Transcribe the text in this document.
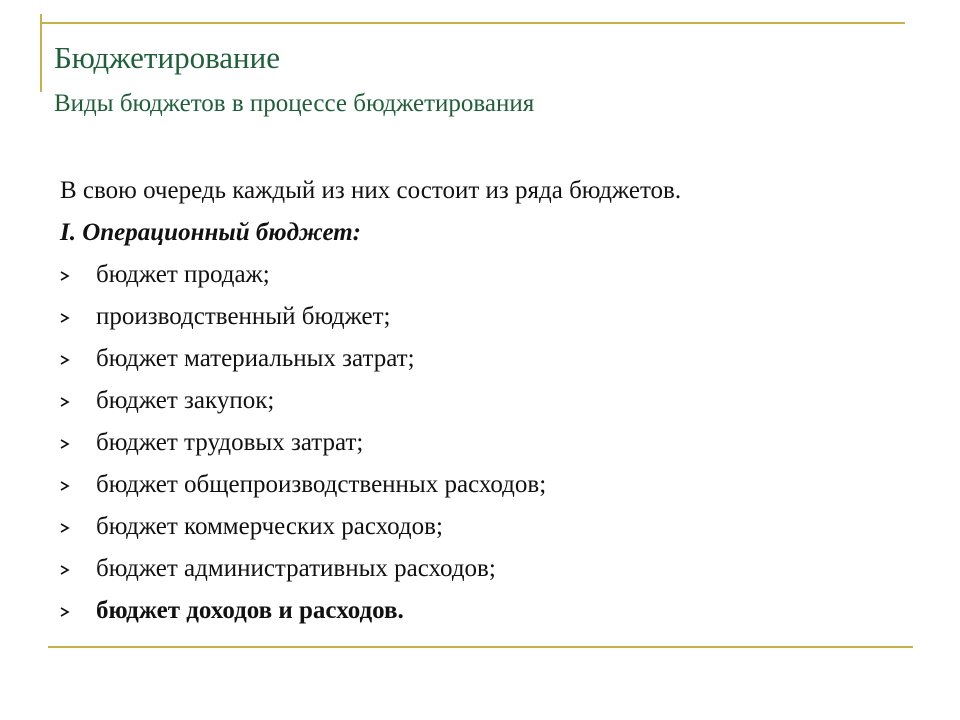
Бюджетирование
Виды бюджетов в процессе бюджетирования

В свою очередь каждый из них состоит из ряда бюджетов.

I. Операционный бюджет:

бюджет продаж;
производственный бюджет;
бюджет материальных затрат;
бюджет закупок;
бюджет трудовых затрат;
бюджет общепроизводственных расходов;
бюджет коммерческих расходов;
бюджет административных расходов;
бюджет доходов и расходов.
